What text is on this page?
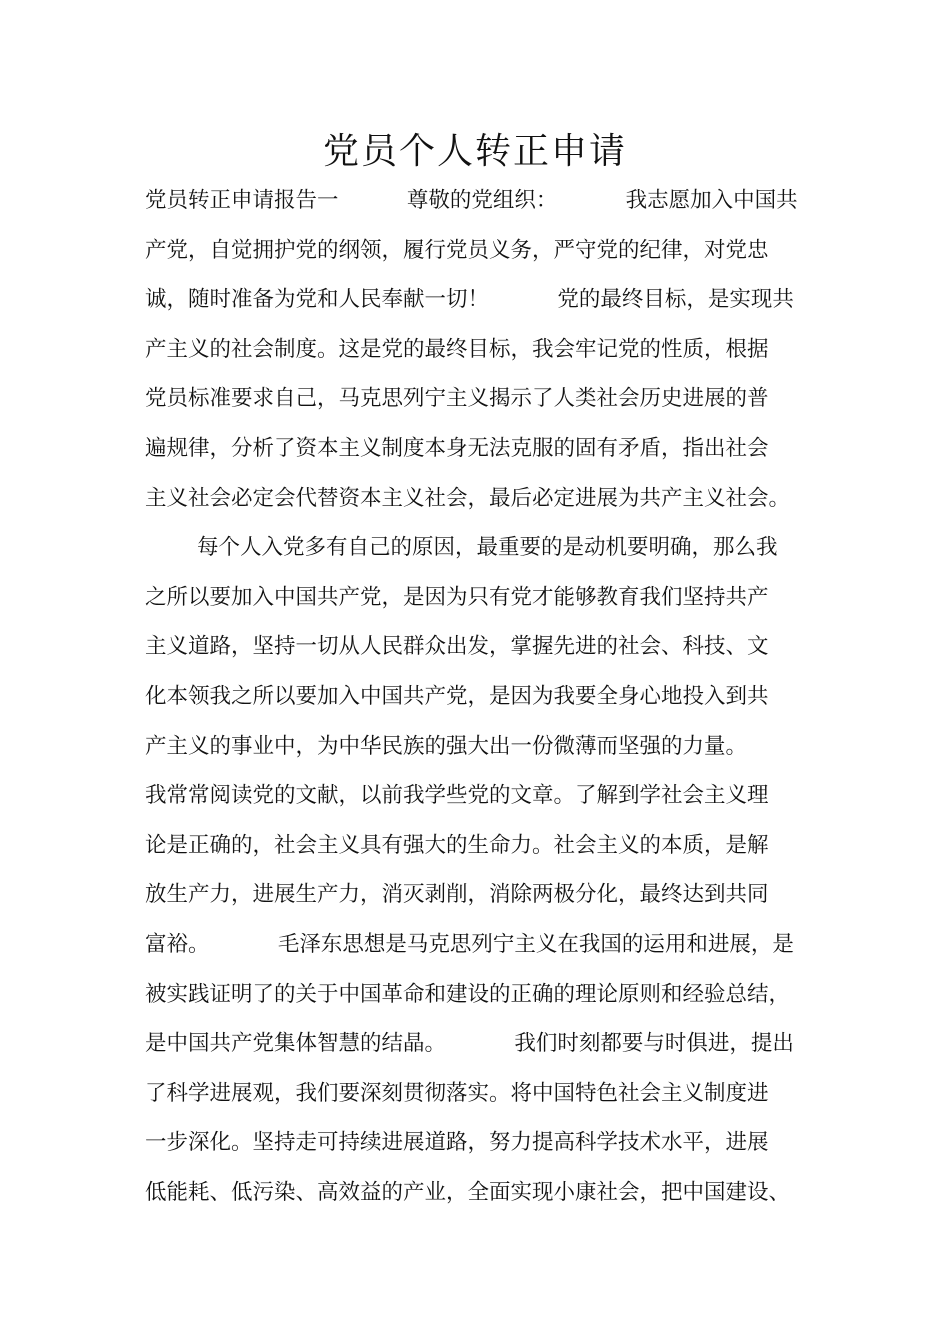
党员个人转正申请
党员转正申请报告一          尊敬的党组织：          我志愿加入中国共
产党，自觉拥护党的纲领，履行党员义务，严守党的纪律，对党忠
诚，随时准备为党和人民奉献一切！          党的最终目标，是实现共
产主义的社会制度。这是党的最终目标，我会牢记党的性质，根据
党员标准要求自己，马克思列宁主义揭示了人类社会历史进展的普
遍规律，分析了资本主义制度本身无法克服的固有矛盾，指出社会
主义社会必定会代替资本主义社会，最后必定进展为共产主义社会。
每个人入党多有自己的原因，最重要的是动机要明确，那么我
之所以要加入中国共产党，是因为只有党才能够教育我们坚持共产
主义道路，坚持一切从人民群众出发，掌握先进的社会、科技、文
化本领我之所以要加入中国共产党，是因为我要全身心地投入到共
产主义的事业中，为中华民族的强大出一份微薄而坚强的力量。
我常常阅读党的文献，以前我学些党的文章。了解到学社会主义理
论是正确的，社会主义具有强大的生命力。社会主义的本质，是解
放生产力，进展生产力，消灭剥削，消除两极分化，最终达到共同
富裕。          毛泽东思想是马克思列宁主义在我国的运用和进展，是
被实践证明了的关于中国革命和建设的正确的理论原则和经验总结，
是中国共产党集体智慧的结晶。          我们时刻都要与时俱进，提出
了科学进展观，我们要深刻贯彻落实。将中国特色社会主义制度进
一步深化。坚持走可持续进展道路，努力提高科学技术水平，进展
低能耗、低污染、高效益的产业，全面实现小康社会，把中国建设、
